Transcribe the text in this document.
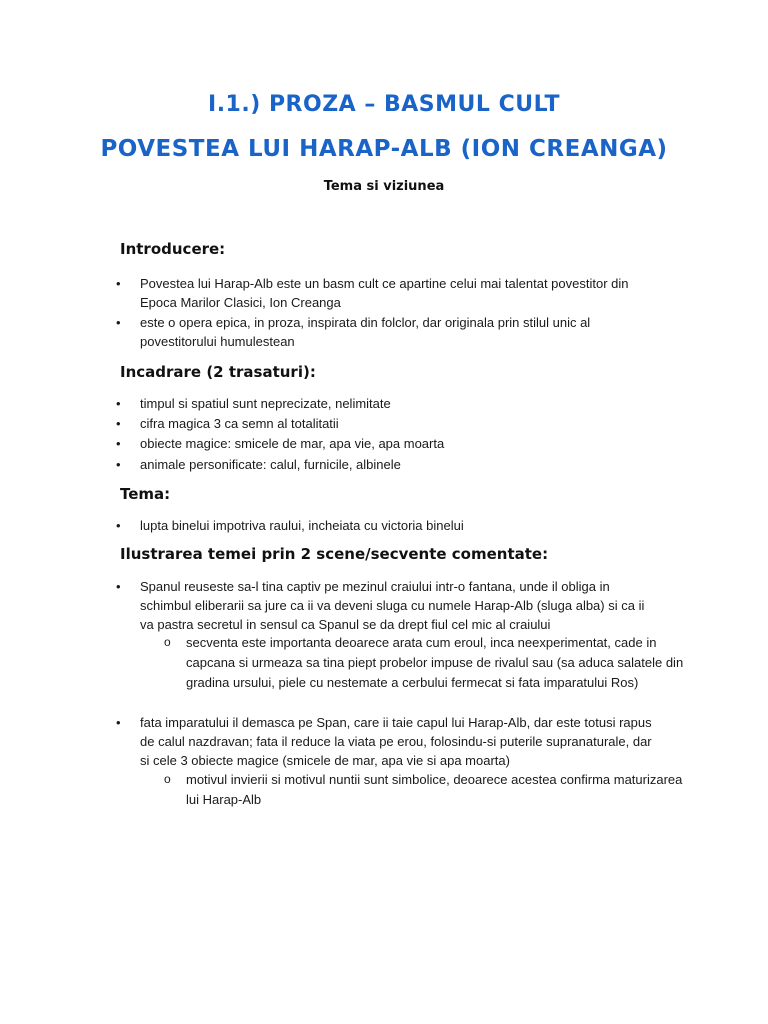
I.1.) PROZA – BASMUL CULT
POVESTEA LUI HARAP-ALB (ION CREANGA)
Tema si viziunea
Introducere:
•	Povestea lui Harap-Alb este un basm cult ce apartine celui mai talentat povestitor din Epoca Marilor Clasici, Ion Creanga
•	este o opera epica, in proza, inspirata din folclor, dar originala prin stilul unic al povestitorului humulestean
Incadrare (2 trasaturi):
•	timpul si spatiul sunt neprecizate, nelimitate
•	cifra magica 3 ca semn al totalitatii
•	obiecte magice: smicele de mar, apa vie, apa moarta
•	animale personificate: calul, furnicile, albinele
Tema:
•	lupta binelui impotriva raului, incheiata cu victoria binelui
Ilustrarea temei prin 2 scene/secvente comentate:
•	Spanul reuseste sa-l tina captiv pe mezinul craiului intr-o fantana, unde il obliga in schimbul eliberarii sa jure ca ii va deveni sluga cu numele Harap-Alb (sluga alba) si ca ii va pastra secretul in sensul ca Spanul se da drept fiul cel mic al craiului
o secventa este importanta deoarece arata cum eroul, inca neexperimentat, cade in capcana si urmeaza sa tina piept probelor impuse de rivalul sau (sa aduca salatele din gradina ursului, piele cu nestemate a cerbului fermecat si fata imparatului Ros)
•	fata imparatului il demasca pe Span, care ii taie capul lui Harap-Alb, dar este totusi rapus de calul nazdravan; fata il reduce la viata pe erou, folosindu-si puterile supranaturale, dar si cele 3 obiecte magice (smicele de mar, apa vie si apa moarta)
o motivul invierii si motivul nuntii sunt simbolice, deoarece acestea confirma maturizarea lui Harap-Alb
